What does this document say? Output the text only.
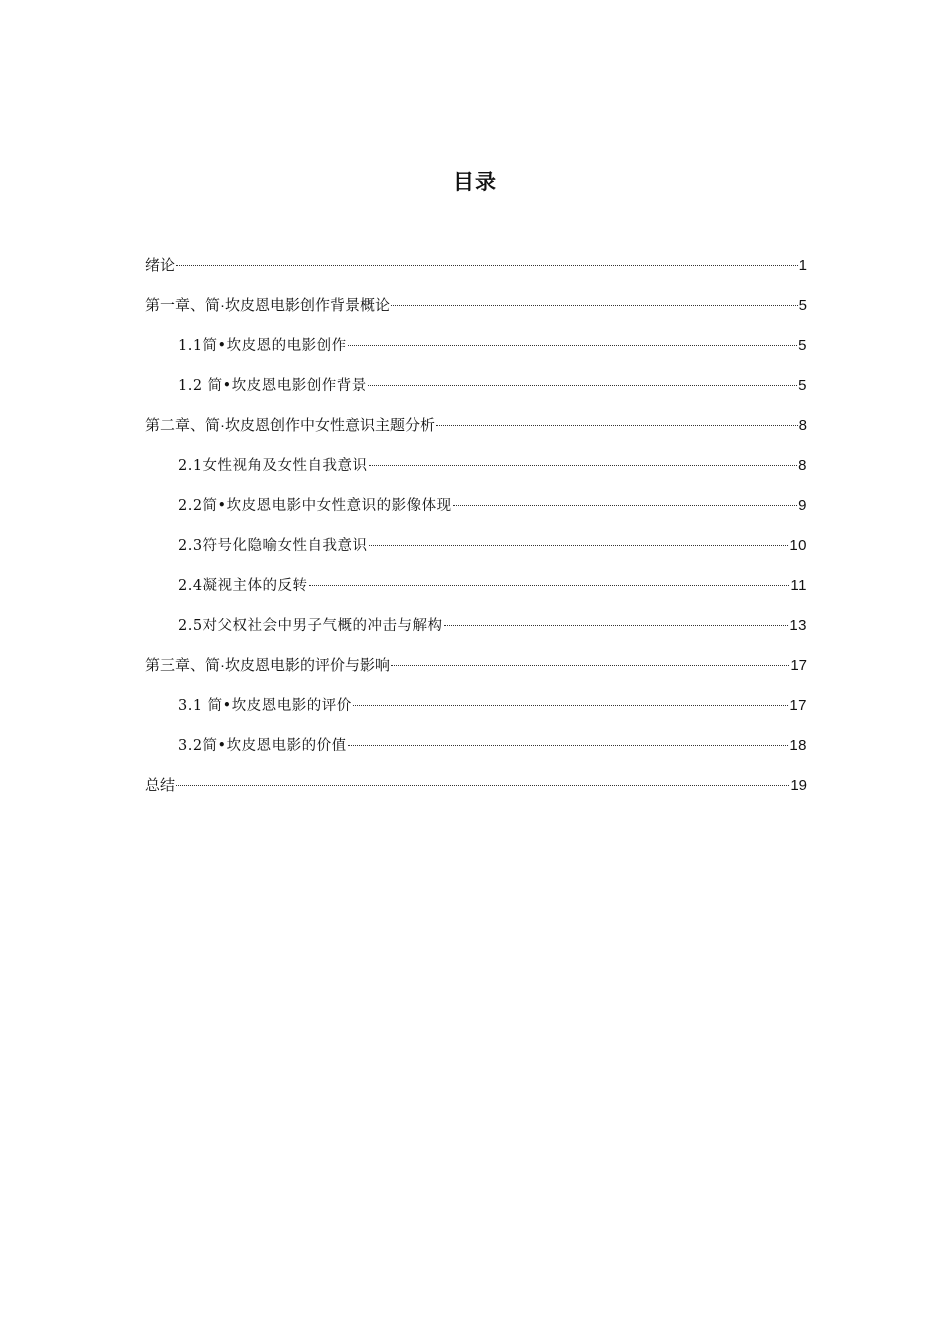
目录
绪论	1
第一章、简·坎皮恩电影创作背景概论	5
1.1简•坎皮恩的电影创作	5
1.2 简•坎皮恩电影创作背景	5
第二章、简·坎皮恩创作中女性意识主题分析	8
2.1女性视角及女性自我意识	8
2.2简•坎皮恩电影中女性意识的影像体现	9
2.3符号化隐喻女性自我意识	10
2.4凝视主体的反转	11
2.5对父权社会中男子气概的冲击与解构	13
第三章、简·坎皮恩电影的评价与影响	17
3.1 简•坎皮恩电影的评价	17
3.2简•坎皮恩电影的价值	18
总结	19
